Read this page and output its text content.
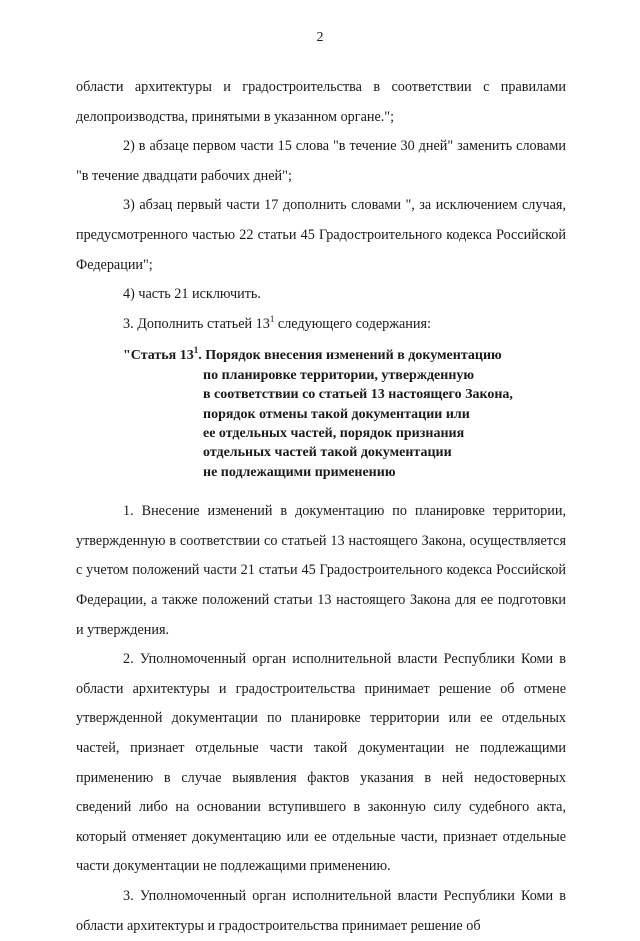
2

области архитектуры и градостроительства в соответствии с правилами

делопроизводства, принятыми в указанном органе.";

2) в абзаце первом части 15 слова "в течение 30 дней" заменить словами "в течение двадцати рабочих дней";

3) абзац первый части 17 дополнить словами ", за исключением случая, предусмотренного частью 22 статьи 45 Градостроительного кодекса Российской Федерации";

4) часть 21 исключить.

3. Дополнить статьей $13^1$ следующего содержания:

"Статья $13^1$. Порядок внесения изменений в документацию
по планировке территории, утвержденную
в соответствии со статьей 13 настоящего Закона,
порядок отмены такой документации или
ее отдельных частей, порядок признания
отдельных частей такой документации
не подлежащими применению

1. Внесение изменений в документацию по планировке территории, утвержденную в соответствии со статьей 13 настоящего Закона, осуществляется с учетом положений части 21 статьи 45 Градостроительного кодекса Российской Федерации, а также положений статьи 13 настоящего Закона для ее подготовки и утверждения.

2. Уполномоченный орган исполнительной власти Республики Коми в области архитектуры и градостроительства принимает решение об отмене утвержденной документации по планировке территории или ее отдельных частей, признает отдельные части такой документации не подлежащими применению в случае выявления фактов указания в ней недостоверных сведений либо на основании вступившего в законную силу судебного акта, который отменяет документацию или ее отдельные части, признает отдельные части документации не подлежащими применению.

3. Уполномоченный орган исполнительной власти Республики Коми в области архитектуры и градостроительства принимает решение об
